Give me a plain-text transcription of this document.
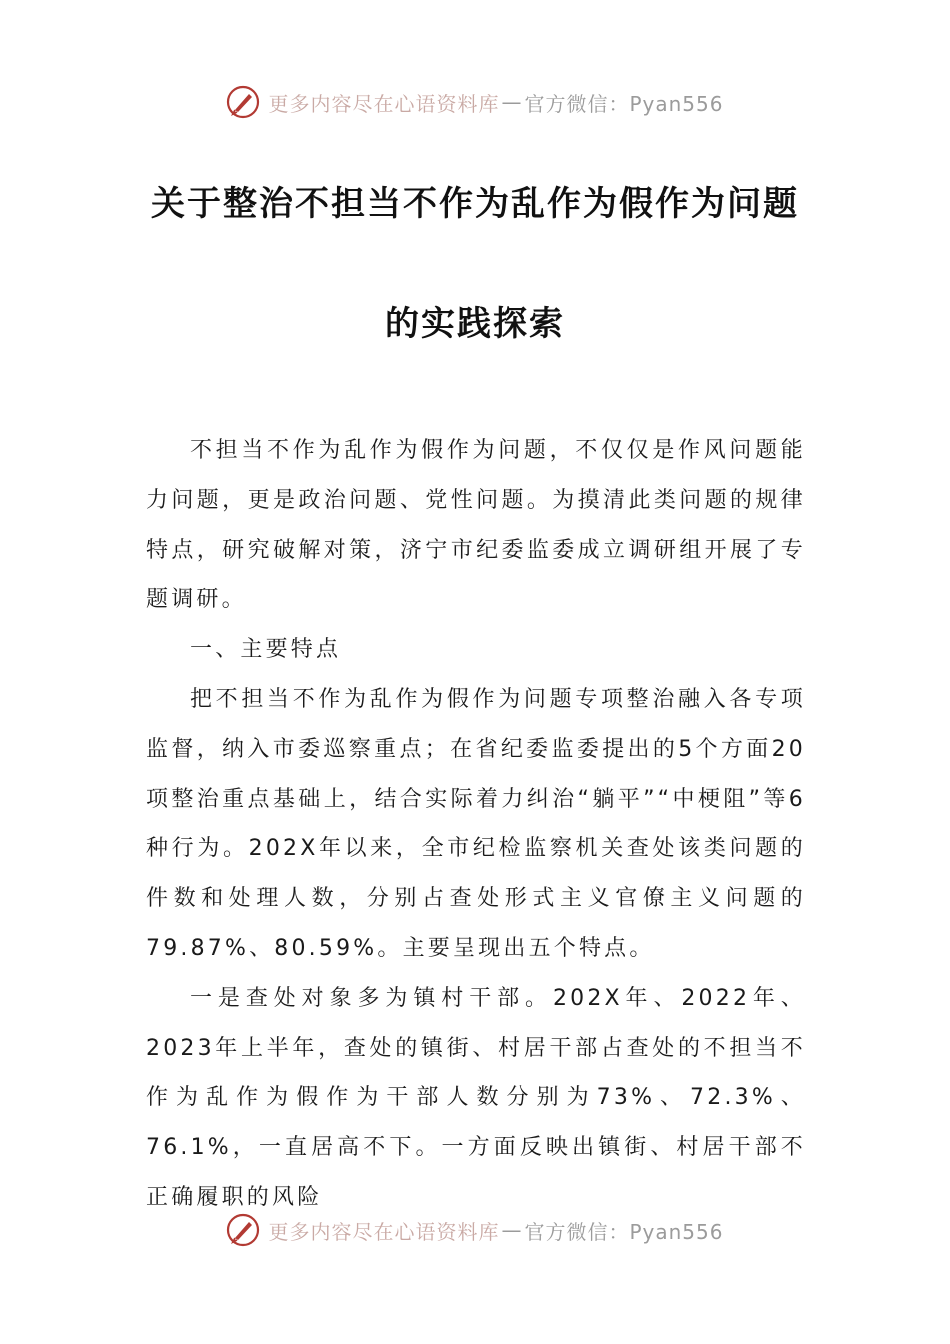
更多内容尽在心语资料库 — 官方微信：Pyan556
关于整治不担当不作为乱作为假作为问题
的实践探索

不担当不作为乱作为假作为问题，不仅仅是作风问题能力问题，更是政治问题、党性问题。为摸清此类问题的规律特点，研究破解对策，济宁市纪委监委成立调研组开展了专题调研。

一、主要特点

把不担当不作为乱作为假作为问题专项整治融入各专项监督，纳入市委巡察重点；在省纪委监委提出的5个方面20项整治重点基础上，结合实际着力纠治“躺平”“中梗阻”等6种行为。202X年以来，全市纪检监察机关查处该类问题的件数和处理人数，分别占查处形式主义官僚主义问题的79.87%、80.59%。主要呈现出五个特点。

一是查处对象多为镇村干部。202X年、2022年、2023年上半年，查处的镇街、村居干部占查处的不担当不作为乱作为假作为干部人数分别为73%、72.3%、76.1%，一直居高不下。一方面反映出镇街、村居干部不正确履职的风险

更多内容尽在心语资料库 — 官方微信：Pyan556
